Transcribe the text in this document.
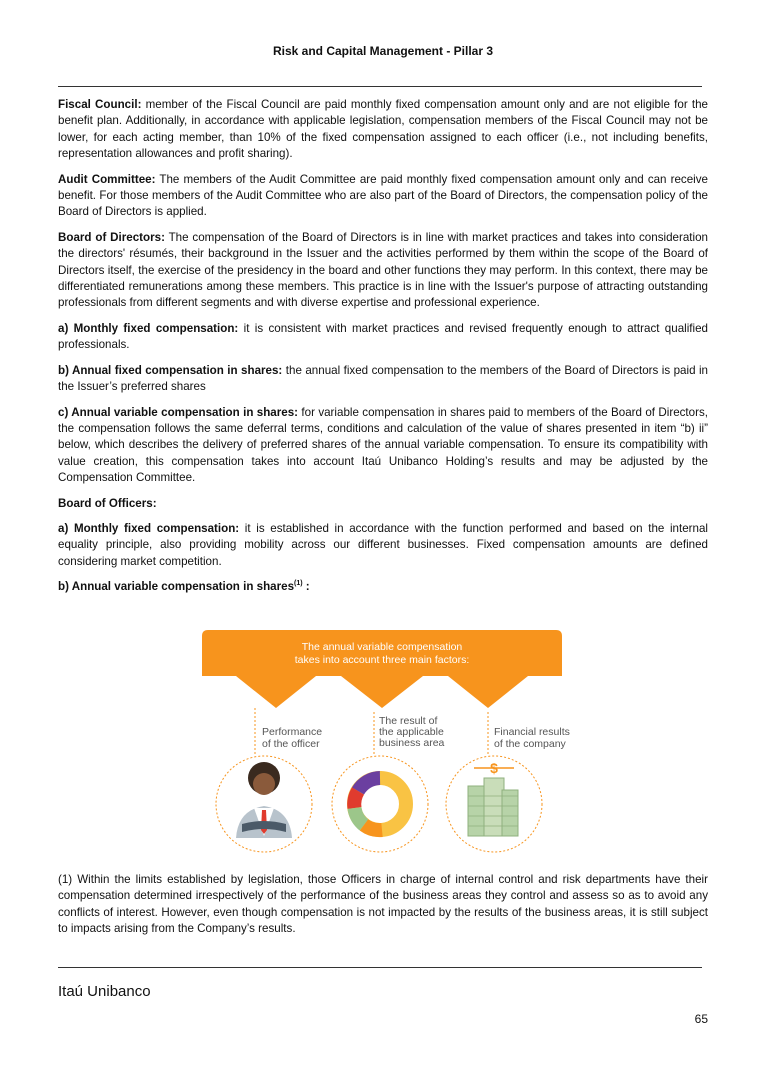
Risk and Capital Management - Pillar 3

Fiscal Council: member of the Fiscal Council are paid monthly fixed compensation amount only and are not eligible for the benefit plan. Additionally, in accordance with applicable legislation, compensation members of the Fiscal Council may not be lower, for each acting member, than 10% of the fixed compensation assigned to each officer (i.e., not including benefits, representation allowances and profit sharing).

Audit Committee: The members of the Audit Committee are paid monthly fixed compensation amount only and can receive benefit. For those members of the Audit Committee who are also part of the Board of Directors, the compensation policy of the Board of Directors is applied.

Board of Directors: The compensation of the Board of Directors is in line with market practices and takes into consideration the directors' résumés, their background in the Issuer and the activities performed by them within the scope of the Board of Directors itself, the exercise of the presidency in the board and other functions they may perform. In this context, there may be differentiated remunerations among these members. This practice is in line with the Issuer's purpose of attracting outstanding professionals from different segments and with diverse expertise and professional experience.

a) Monthly fixed compensation: it is consistent with market practices and revised frequently enough to attract qualified professionals.

b) Annual fixed compensation in shares: the annual fixed compensation to the members of the Board of Directors is paid in the Issuer’s preferred shares

c) Annual variable compensation in shares: for variable compensation in shares paid to members of the Board of Directors, the compensation follows the same deferral terms, conditions and calculation of the value of shares presented in item “b) ii” below, which describes the delivery of preferred shares of the annual variable compensation. To ensure its compatibility with value creation, this compensation takes into account Itaú Unibanco Holding’s results and may be adjusted by the Compensation Committee.

Board of Officers:

a) Monthly fixed compensation: it is established in accordance with the function performed and based on the internal equality principle, also providing mobility across our different businesses. Fixed compensation amounts are defined considering market competition.

b) Annual variable compensation in shares$^{(1)}$ :

The annual variable compensation
takes into account three main factors:
Performance
of the officer
The result of
the applicable
business area
Financial results
of the company
$
(1) Within the limits established by legislation, those Officers in charge of internal control and risk departments have their compensation determined irrespectively of the performance of the business areas they control and assess so as to avoid any conflicts of interest. However, even though compensation is not impacted by the results of the business areas, it is still subject to impacts arising from the Company’s results.
Itaú Unibanco
65
